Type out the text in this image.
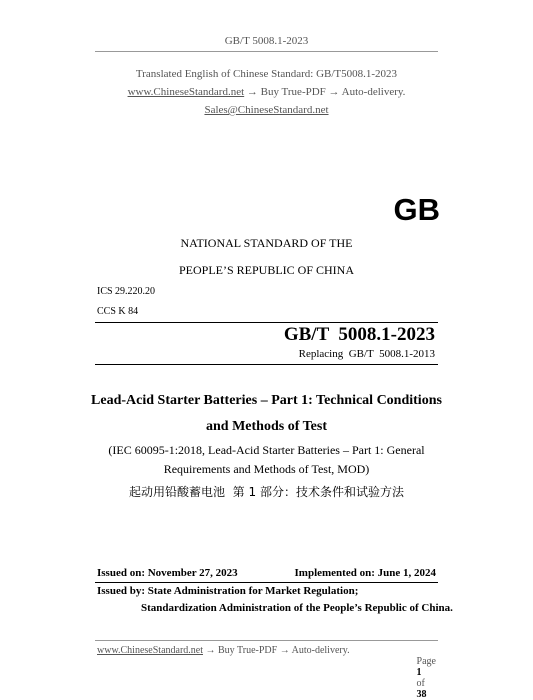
GB/T 5008.1-2023
Translated English of Chinese Standard: GB/T5008.1-2023
www.ChineseStandard.net → Buy True-PDF → Auto-delivery.
Sales@ChineseStandard.net
GB
NATIONAL STANDARD OF THE
PEOPLE’S REPUBLIC OF CHINA
ICS 29.220.20
CCS K 84
GB/T  5008.1-2023
Replacing  GB/T  5008.1-2013
Lead-Acid Starter Batteries – Part 1: Technical Conditions
and Methods of Test
(IEC 60095-1:2018, Lead-Acid Starter Batteries – Part 1: General
Requirements and Methods of Test, MOD)
起动用铅酸蓄电池  第 1 部分：技术条件和试验方法
Issued on: November 27, 2023	Implemented on: June 1, 2024
Issued by: State Administration for Market Regulation;
Standardization Administration of the People’s Republic of China.
www.ChineseStandard.net → Buy True-PDF → Auto-delivery.

Page
1
of
38
